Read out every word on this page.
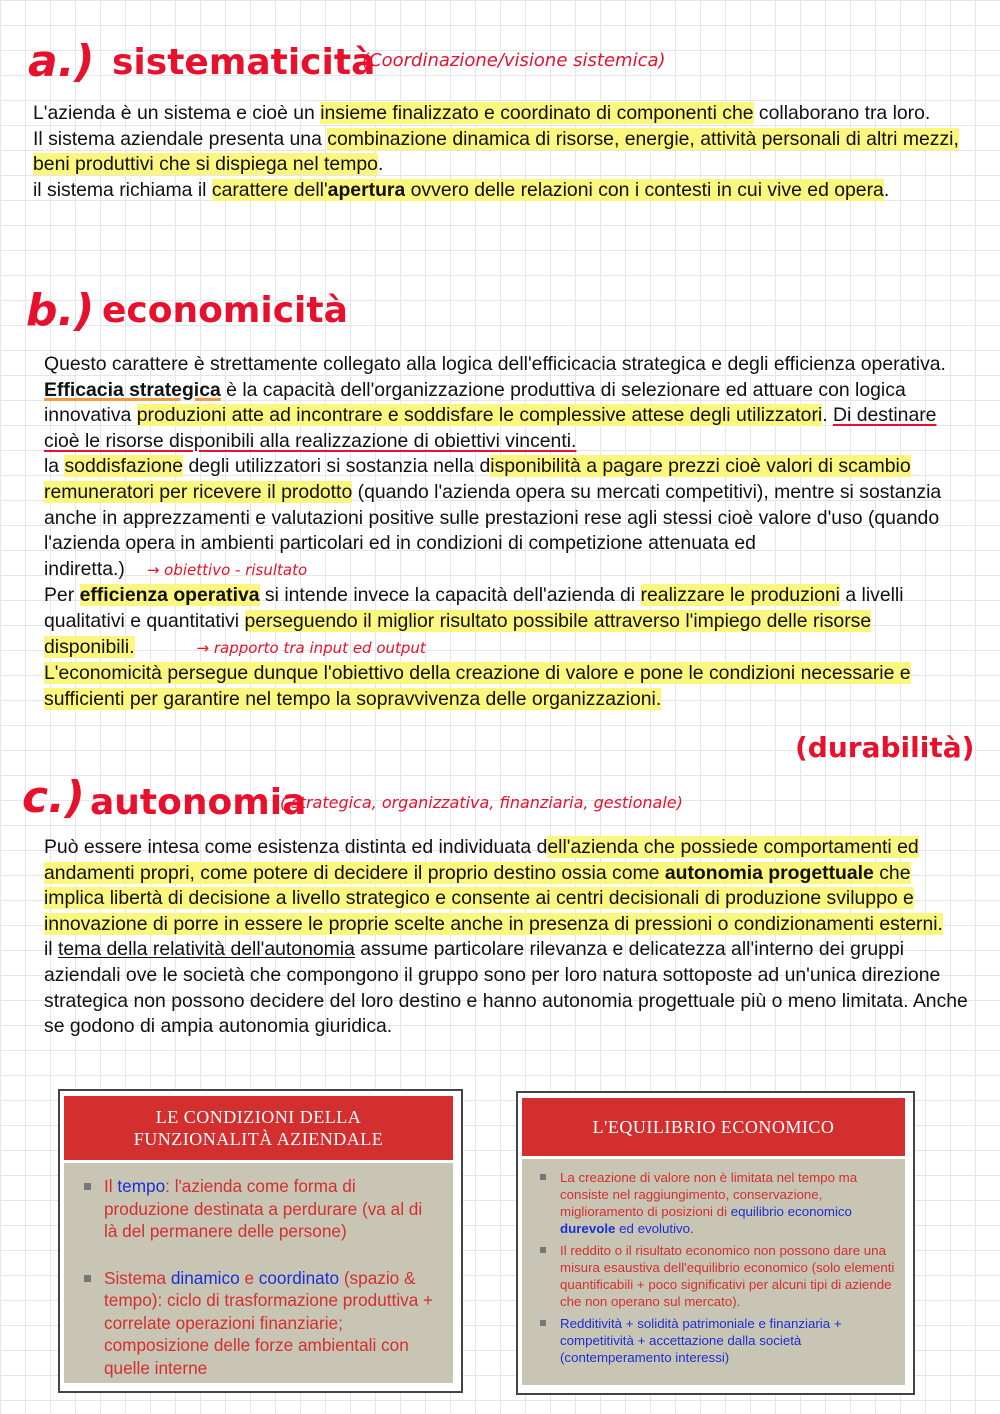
a.) sistematicità
(Coordinazione/visione sistemica)

L'azienda è un sistema e cioè un insieme finalizzato e coordinato di componenti che collaborano tra loro.

Il sistema aziendale presenta una combinazione dinamica di risorse, energie, attività personali di altri mezzi, beni produttivi che si dispiega nel tempo.

il sistema richiama il carattere dell'apertura ovvero delle relazioni con i contesti in cui vive ed opera.

b.) economicità

Questo carattere è strettamente collegato alla logica dell'efficicacia strategica e degli efficienza operativa.

Efficacia strategica è la capacità dell'organizzazione produttiva di selezionare ed attuare con logica innovativa produzioni atte ad incontrare e soddisfare le complessive attese degli utilizzatori. Di destinare cioè le risorse disponibili alla realizzazione di obiettivi vincenti.

la soddisfazione degli utilizzatori si sostanzia nella disponibilità a pagare prezzi cioè valori di scambio remuneratori per ricevere il prodotto (quando l'azienda opera su mercati competitivi), mentre si sostanzia anche in apprezzamenti e valutazioni positive sulle prestazioni rese agli stessi cioè valore d'uso (quando l'azienda opera in ambienti particolari ed in condizioni di competizione attenuata ed indiretta.) → obiettivo - risultato

Per efficienza operativa si intende invece la capacità dell'azienda di realizzare le produzioni a livelli qualitativi e quantitativi perseguendo il miglior risultato possibile attraverso l'impiego delle risorse disponibili.	→ rapporto tra input ed output

L'economicità persegue dunque l'obiettivo della creazione di valore e pone le condizioni necessarie e sufficienti per garantire nel tempo la sopravvivenza delle organizzazioni.

(durabilità)
c.) autonomia
( strategica, organizzativa, finanziaria, gestionale)

Può essere intesa come esistenza distinta ed individuata dell'azienda che possiede comportamenti ed andamenti propri, come potere di decidere il proprio destino ossia come autonomia progettuale che implica libertà di decisione a livello strategico e consente ai centri decisionali di produzione sviluppo e innovazione di porre in essere le proprie scelte anche in presenza di pressioni o condizionamenti esterni.

il tema della relatività dell'autonomia assume particolare rilevanza e delicatezza all'interno dei gruppi aziendali ove le società che compongono il gruppo sono per loro natura sottoposte ad un'unica direzione strategica non possono decidere del loro destino e hanno autonomia progettuale più o meno limitata. Anche se godono di ampia autonomia giuridica.

LE CONDIZIONI DELLA
FUNZIONALITÀ AZIENDALE
Il tempo: l'azienda come forma di produzione destinata a perdurare (va al di là del permanere delle persone)
Sistema dinamico e coordinato (spazio & tempo): ciclo di trasformazione produttiva + correlate operazioni finanziarie; composizione delle forze ambientali con quelle interne
L'EQUILIBRIO ECONOMICO
La creazione di valore non è limitata nel tempo ma consiste nel raggiungimento, conservazione, miglioramento di posizioni di equilibrio economico durevole ed evolutivo.
Il reddito o il risultato economico non possono dare una misura esaustiva dell'equilibrio economico (solo elementi quantificabili + poco significativi per alcuni tipi di aziende che non operano sul mercato).
Redditività + solidità patrimoniale e finanziaria + competitività + accettazione dalla società (contemperamento interessi)
